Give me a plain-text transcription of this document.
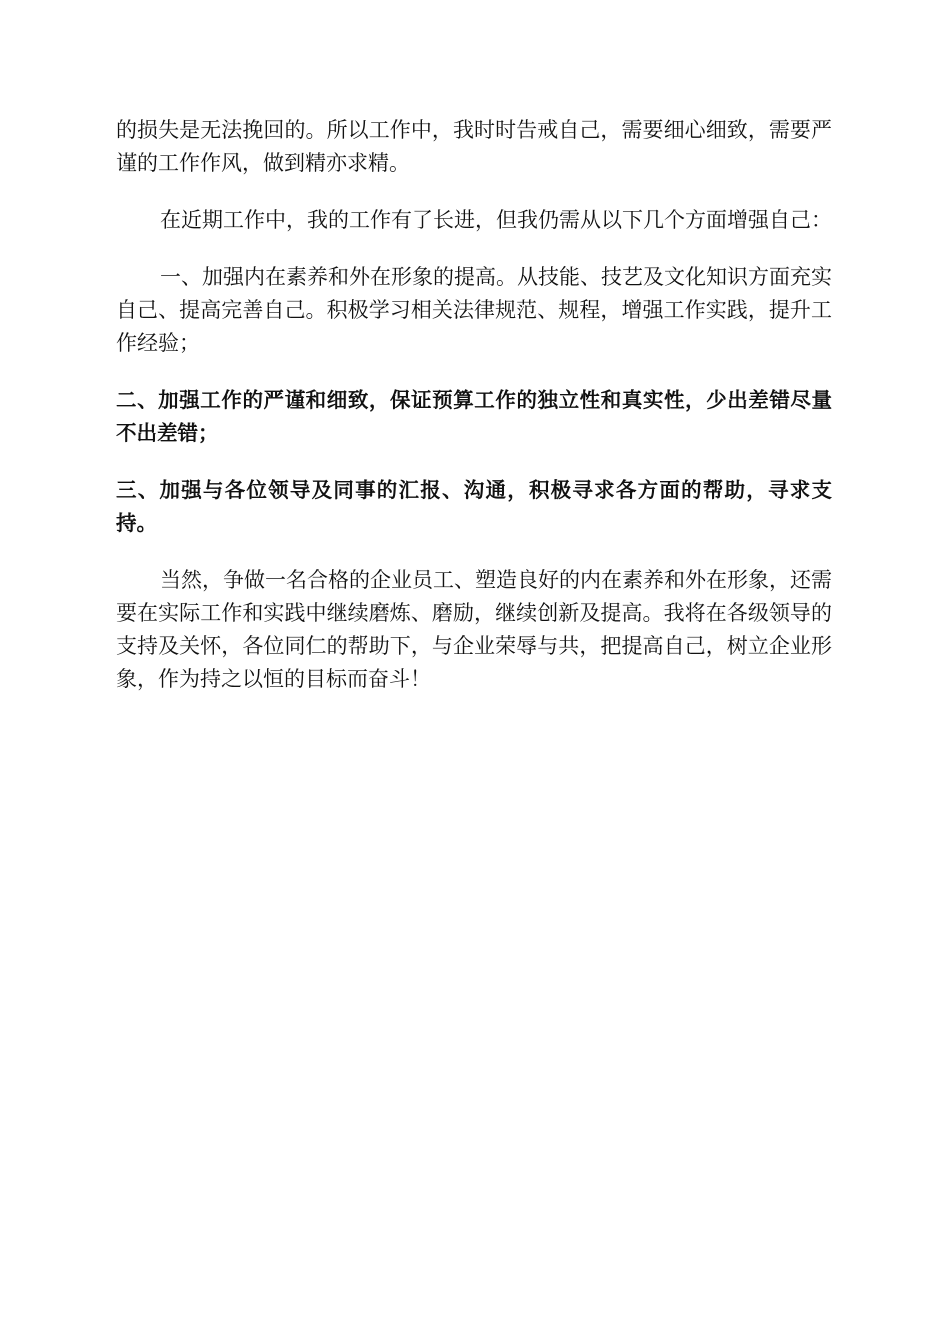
的损失是无法挽回的。所以工作中，我时时告戒自己，需要细心细致，需要严谨的工作作风，做到精亦求精。

在近期工作中，我的工作有了长进，但我仍需从以下几个方面增强自己：

一、加强内在素养和外在形象的提高。从技能、技艺及文化知识方面充实自己、提高完善自己。积极学习相关法律规范、规程，增强工作实践，提升工作经验；

二、加强工作的严谨和细致，保证预算工作的独立性和真实性，少出差错尽量不出差错；

三、加强与各位领导及同事的汇报、沟通，积极寻求各方面的帮助，寻求支持。

当然，争做一名合格的企业员工、塑造良好的内在素养和外在形象，还需要在实际工作和实践中继续磨炼、磨励，继续创新及提高。我将在各级领导的支持及关怀，各位同仁的帮助下，与企业荣辱与共，把提高自己，树立企业形象，作为持之以恒的目标而奋斗！
